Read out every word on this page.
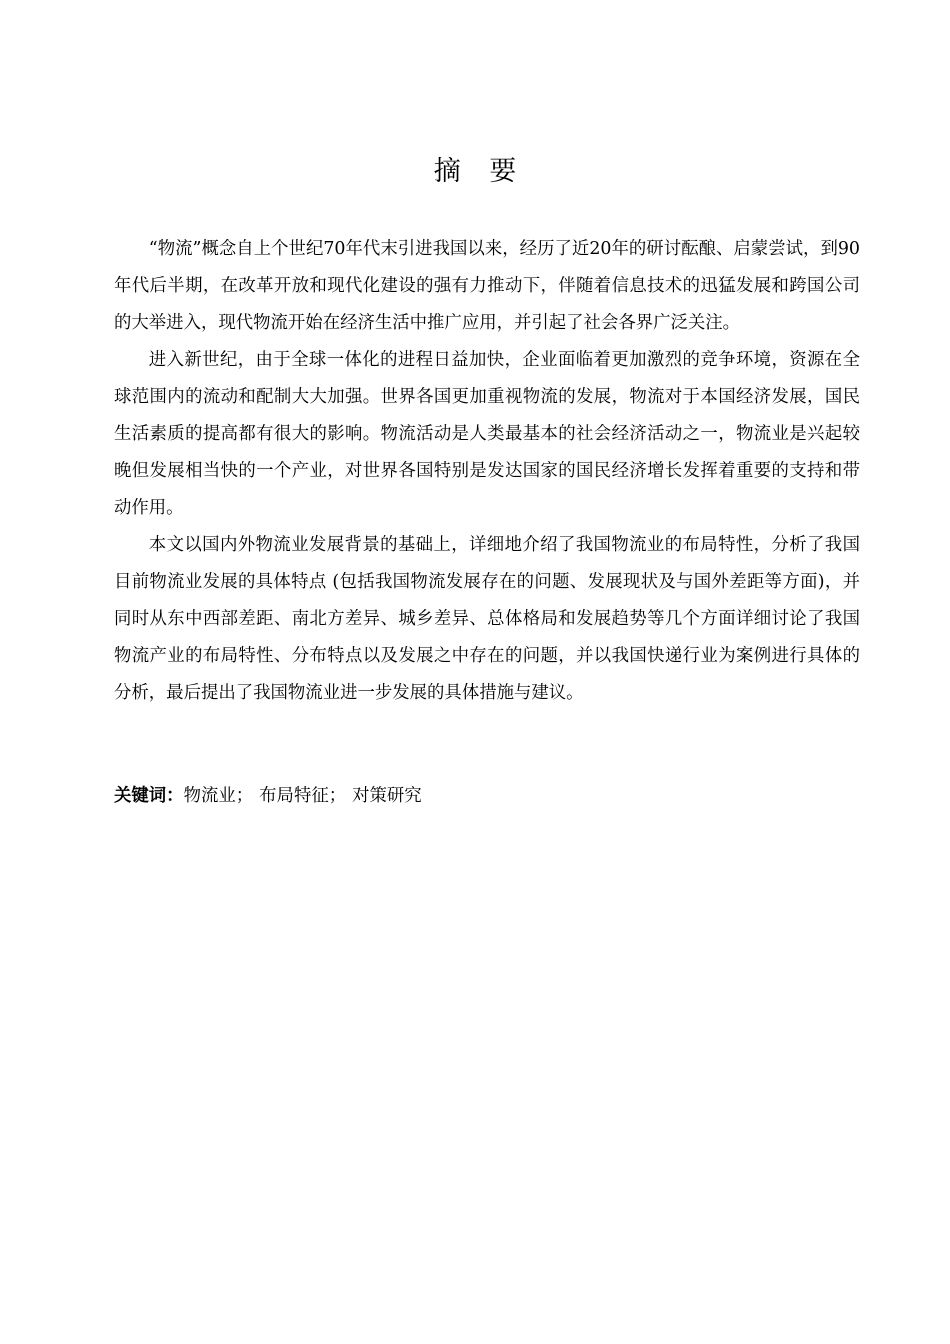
摘 要

“物流”概念自上个世纪70年代末引进我国以来，经历了近20年的研讨酝酿、启蒙尝试，到90年代后半期，在改革开放和现代化建设的强有力推动下，伴随着信息技术的迅猛发展和跨国公司的大举进入，现代物流开始在经济生活中推广应用，并引起了社会各界广泛关注。

进入新世纪，由于全球一体化的进程日益加快，企业面临着更加激烈的竞争环境，资源在全球范围内的流动和配制大大加强。世界各国更加重视物流的发展，物流对于本国经济发展，国民生活素质的提高都有很大的影响。物流活动是人类最基本的社会经济活动之一，物流业是兴起较晚但发展相当快的一个产业，对世界各国特别是发达国家的国民经济增长发挥着重要的支持和带动作用。

本文以国内外物流业发展背景的基础上，详细地介绍了我国物流业的布局特性，分析了我国目前物流业发展的具体特点 (包括我国物流发展存在的问题、发展现状及与国外差距等方面)，并同时从东中西部差距、南北方差异、城乡差异、总体格局和发展趋势等几个方面详细讨论了我国物流产业的布局特性、分布特点以及发展之中存在的问题，并以我国快递行业为案例进行具体的分析，最后提出了我国物流业进一步发展的具体措施与建议。

关键词：物流业； 布局特征； 对策研究
